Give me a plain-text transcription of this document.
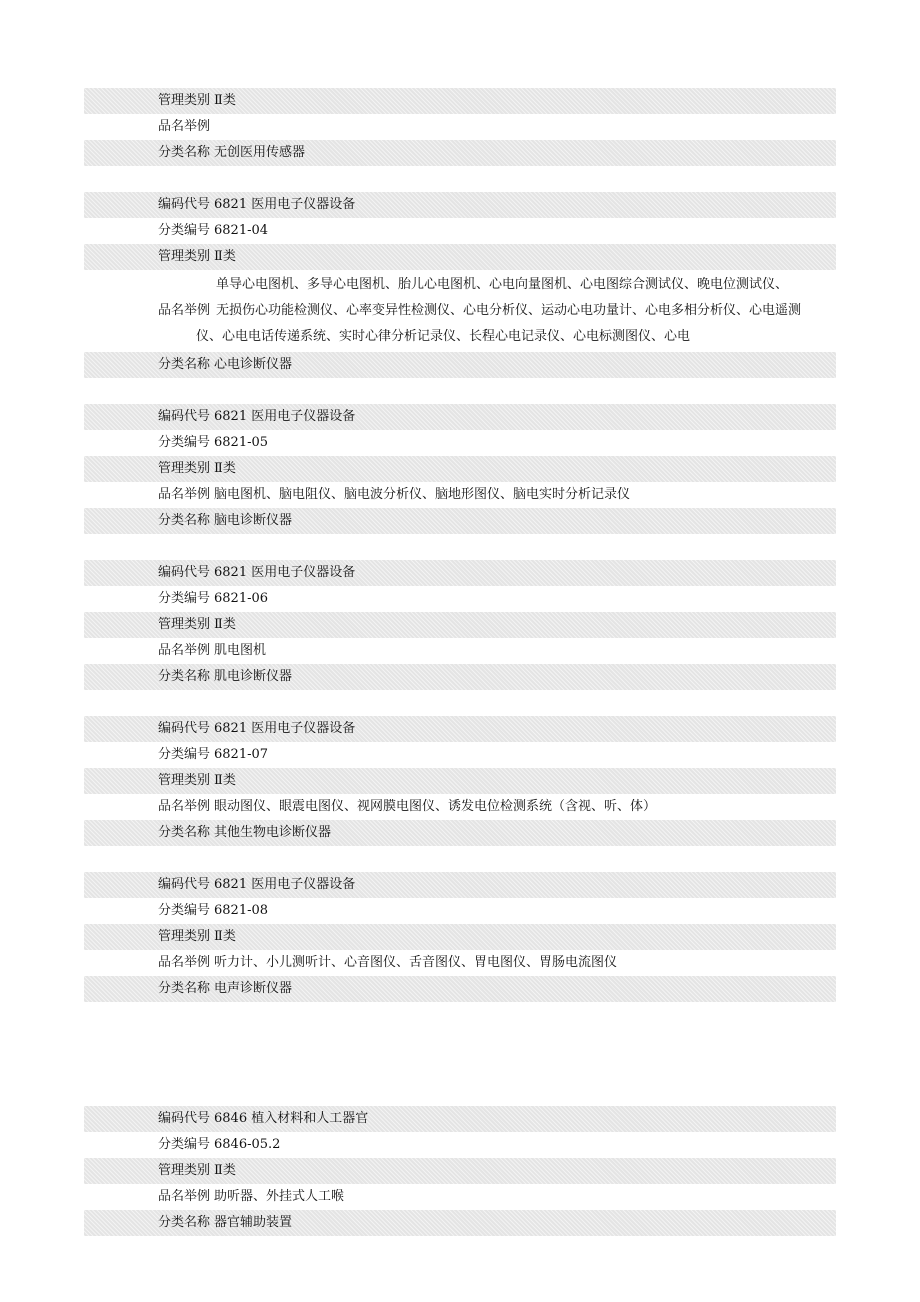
管理类别 Ⅱ类
品名举例
分类名称 无创医用传感器
编码代号 6821 医用电子仪器设备
分类编号 6821-04
管理类别 Ⅱ类
单导心电图机、多导心电图机、胎儿心电图机、心电向量图机、心电图综合测试仪、晚电位测试仪、
品名举例 无损伤心功能检测仪、心率变异性检测仪、心电分析仪、运动心电功量计、心电多相分析仪、心电遥测
仪、心电电话传递系统、实时心律分析记录仪、长程心电记录仪、心电标测图仪、心电
分类名称 心电诊断仪器
编码代号 6821 医用电子仪器设备
分类编号 6821-05
管理类别 Ⅱ类
品名举例 脑电图机、脑电阻仪、脑电波分析仪、脑地形图仪、脑电实时分析记录仪
分类名称 脑电诊断仪器
编码代号 6821 医用电子仪器设备
分类编号 6821-06
管理类别 Ⅱ类
品名举例 肌电图机
分类名称 肌电诊断仪器
编码代号 6821 医用电子仪器设备
分类编号 6821-07
管理类别 Ⅱ类
品名举例 眼动图仪、眼震电图仪、视网膜电图仪、诱发电位检测系统（含视、听、体）
分类名称 其他生物电诊断仪器
编码代号 6821 医用电子仪器设备
分类编号 6821-08
管理类别 Ⅱ类
品名举例 听力计、小儿测听计、心音图仪、舌音图仪、胃电图仪、胃肠电流图仪
分类名称 电声诊断仪器
编码代号 6846 植入材料和人工器官
分类编号 6846-05.2
管理类别 Ⅱ类
品名举例 助听器、外挂式人工喉
分类名称 器官辅助装置
